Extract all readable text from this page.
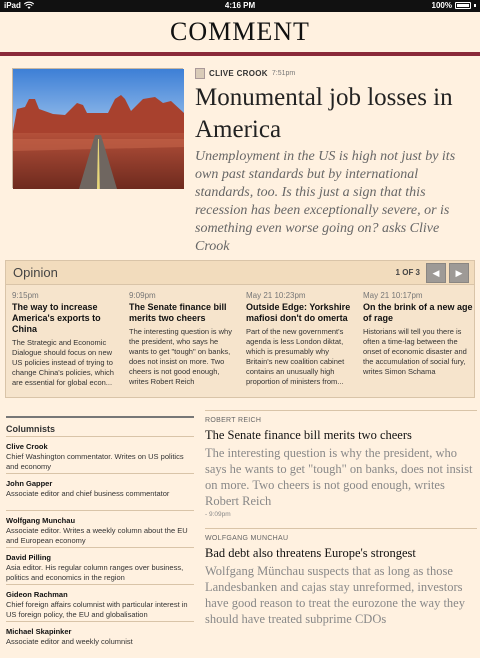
iPad	4:16 PM	100%
COMMENT
CLIVE CROOK 7:51pm
Monumental job losses in America
Unemployment in the US is high not just by its own past standards but by international standards, too. Is this just a sign that this recession has been exceptionally severe, or is something even worse going on? asks Clive Crook
Opinion	1 OF 3	◀	▶
9:15pm
The way to increase America's exports to China
The Strategic and Economic Dialogue should focus on new US policies instead of trying to change China's policies, which are essential for global econ...
9:09pm
The Senate finance bill merits two cheers
The interesting question is why the president, who says he wants to get "tough" on banks, does not insist on more. Two cheers is not good enough, writes Robert Reich
May 21 10:23pm
Outside Edge: Yorkshire mafiosi don't do omerta
Part of the new government's agenda is less London diktat, which is presumably why Britain's new coalition cabinet contains an unusually high proportion of ministers from...
May 21 10:17pm
On the brink of a new age of rage
Historians will tell you there is often a time-lag between the onset of economic disaster and the accumulation of social fury, writes Simon Schama
Columnists
Clive Crook
Chief Washington commentator. Writes on US politics and economy
John Gapper
Associate editor and chief business commentator
Wolfgang Munchau
Associate editor. Writes a weekly column about the EU and European economy
David Pilling
Asia editor. His regular column ranges over business, politics and economics in the region
Gideon Rachman
Chief foreign affairs columnist with particular interest in US foreign policy, the EU and globalisation
Michael Skapinker
Associate editor and weekly columnist
ROBERT REICH
The Senate finance bill merits two cheers
The interesting question is why the president, who says he wants to get "tough" on banks, does not insist on more. Two cheers is not good enough, writes Robert Reich
- 9:09pm
WOLFGANG MUNCHAU
Bad debt also threatens Europe's strongest
Wolfgang Münchau suspects that as long as those Landesbanken and cajas stay unreformed, investors have good reason to treat the eurozone the way they should have treated subprime CDOs
